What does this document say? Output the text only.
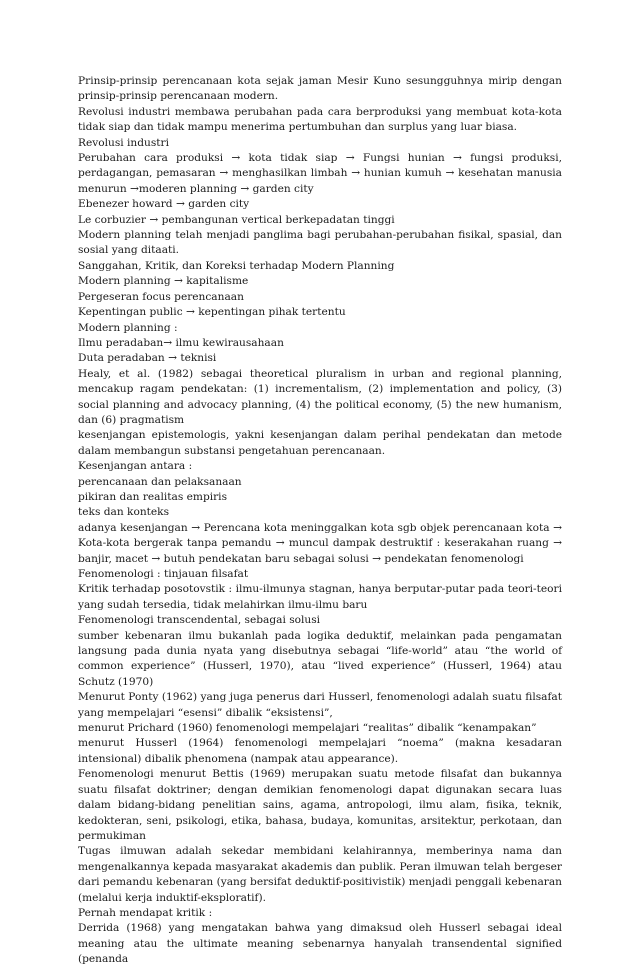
Prinsip-prinsip perencanaan kota sejak jaman Mesir Kuno sesungguhnya mirip dengan prinsip-prinsip perencanaan modern.

Revolusi industri membawa perubahan pada cara berproduksi yang membuat kota-kota tidak siap dan tidak mampu menerima pertumbuhan dan surplus yang luar biasa.

Revolusi industri

Perubahan cara produksi → kota tidak siap → Fungsi hunian → fungsi produksi, perdagangan, pemasaran → menghasilkan limbah → hunian kumuh → kesehatan manusia menurun →moderen planning → garden city

Ebenezer howard → garden city

Le corbuzier → pembangunan vertical berkepadatan tinggi

Modern planning telah menjadi panglima bagi perubahan-perubahan fisikal, spasial, dan sosial yang ditaati.

Sanggahan, Kritik, dan Koreksi terhadap Modern Planning

Modern planning → kapitalisme

Pergeseran focus perencanaan

Kepentingan public → kepentingan pihak tertentu

Modern planning :

Ilmu peradaban→ ilmu kewirausahaan

Duta peradaban → teknisi

Healy, et al. (1982) sebagai theoretical pluralism in urban and regional planning, mencakup ragam pendekatan: (1) incrementalism, (2) implementation and policy, (3) social planning and advocacy planning, (4) the political economy, (5) the new humanism, dan (6) pragmatism

kesenjangan epistemologis, yakni kesenjangan dalam perihal pendekatan dan metode dalam membangun substansi pengetahuan perencanaan.

Kesenjangan antara :

perencanaan dan pelaksanaan

pikiran dan realitas empiris

teks dan konteks

adanya kesenjangan → Perencana kota meninggalkan kota sgb objek perencanaan kota → Kota-kota bergerak tanpa pemandu → muncul dampak destruktif : keserakahan ruang → banjir, macet → butuh pendekatan baru sebagai solusi → pendekatan fenomenologi

Fenomenologi : tinjauan filsafat

Kritik terhadap posotovstik : ilmu-ilmunya stagnan, hanya berputar-putar pada teori-teori yang sudah tersedia, tidak melahirkan ilmu-ilmu baru

Fenomenologi transcendental, sebagai solusi

sumber kebenaran ilmu bukanlah pada logika deduktif, melainkan pada pengamatan langsung pada dunia nyata yang disebutnya sebagai “life-world” atau “the world of common experience” (Husserl, 1970), atau “lived experience” (Husserl, 1964) atau Schutz (1970)

Menurut Ponty (1962) yang juga penerus dari Husserl, fenomenologi adalah suatu filsafat yang mempelajari “esensi” dibalik “eksistensi”,

menurut Prichard (1960) fenomenologi mempelajari “realitas” dibalik “kenampakan”

menurut Husserl (1964) fenomenologi mempelajari “noema” (makna kesadaran intensional) dibalik phenomena (nampak atau appearance).

Fenomenologi menurut Bettis (1969) merupakan suatu metode filsafat dan bukannya suatu filsafat doktriner; dengan demikian fenomenologi dapat digunakan secara luas dalam bidang-bidang penelitian sains, agama, antropologi, ilmu alam, fisika, teknik, kedokteran, seni, psikologi, etika, bahasa, budaya, komunitas, arsitektur, perkotaan, dan permukiman

Tugas ilmuwan adalah sekedar membidani kelahirannya, memberinya nama dan mengenalkannya kepada masyarakat akademis dan publik. Peran ilmuwan telah bergeser dari pemandu kebenaran (yang bersifat deduktif-positivistik) menjadi penggali kebenaran (melalui kerja induktif-eksploratif).

Pernah mendapat kritik :

Derrida (1968) yang mengatakan bahwa yang dimaksud oleh Husserl sebagai ideal meaning atau the ultimate meaning sebenarnya hanyalah transendental signified (penanda
